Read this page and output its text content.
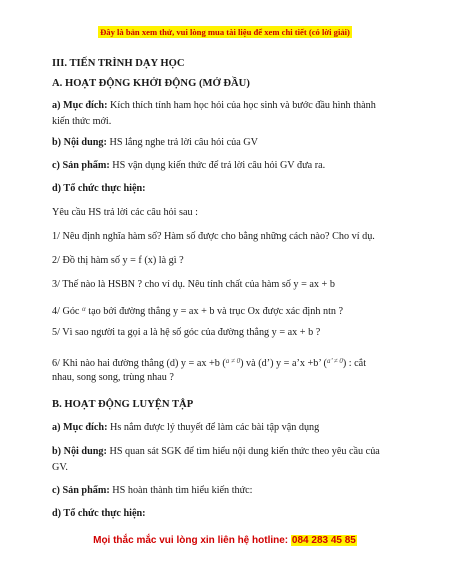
Đây là bản xem thử, vui lòng mua tài liệu để xem chi tiết (có lời giải)
III. TIẾN TRÌNH DẠY HỌC
A. HOẠT ĐỘNG KHỞI ĐỘNG (MỞ ĐẦU)
a) Mục đích: Kích thích tính ham học hỏi của học sinh và bước đầu hình thành
kiến thức mới.
b) Nội dung: HS lắng nghe trả lời câu hỏi của GV
c) Sản phẩm: HS vận dụng kiến thức để trả lời câu hỏi GV đưa ra.
d) Tổ chức thực hiện:
Yêu cầu HS trả lời các câu hỏi sau :
1/ Nêu định nghĩa hàm số? Hàm số được cho bằng những cách nào? Cho ví dụ.
2/ Đồ thị hàm số y = f (x) là gì ?
3/ Thế nào là HSBN ? cho ví dụ. Nêu tính chất của hàm số y = ax + b
4/ Góc $^\alpha$ tạo bởi đường thẳng y = ax + b và trục Ox được xác định ntn ?
5/ Vì sao người ta gọi a là hệ số góc của đường thẳng y = ax + b ?
6/ Khi nào hai đường thẳng (d) y = ax +b ($^{a \ne 0}$) và (d’) y = a’x +b’ ($^{a’ \ne 0}$) : cắt
nhau, song song, trùng nhau ?
B. HOẠT ĐỘNG LUYỆN TẬP
a) Mục đích: Hs nắm được lý thuyết để làm các bài tập vận dụng
b) Nội dung: HS quan sát SGK để tìm hiểu nội dung kiến thức theo yêu cầu của
GV.
c) Sản phẩm: HS hoàn thành tìm hiểu kiến thức:
d) Tổ chức thực hiện:
Mọi thắc mắc vui lòng xin liên hệ hotline: 084 283 45 85
